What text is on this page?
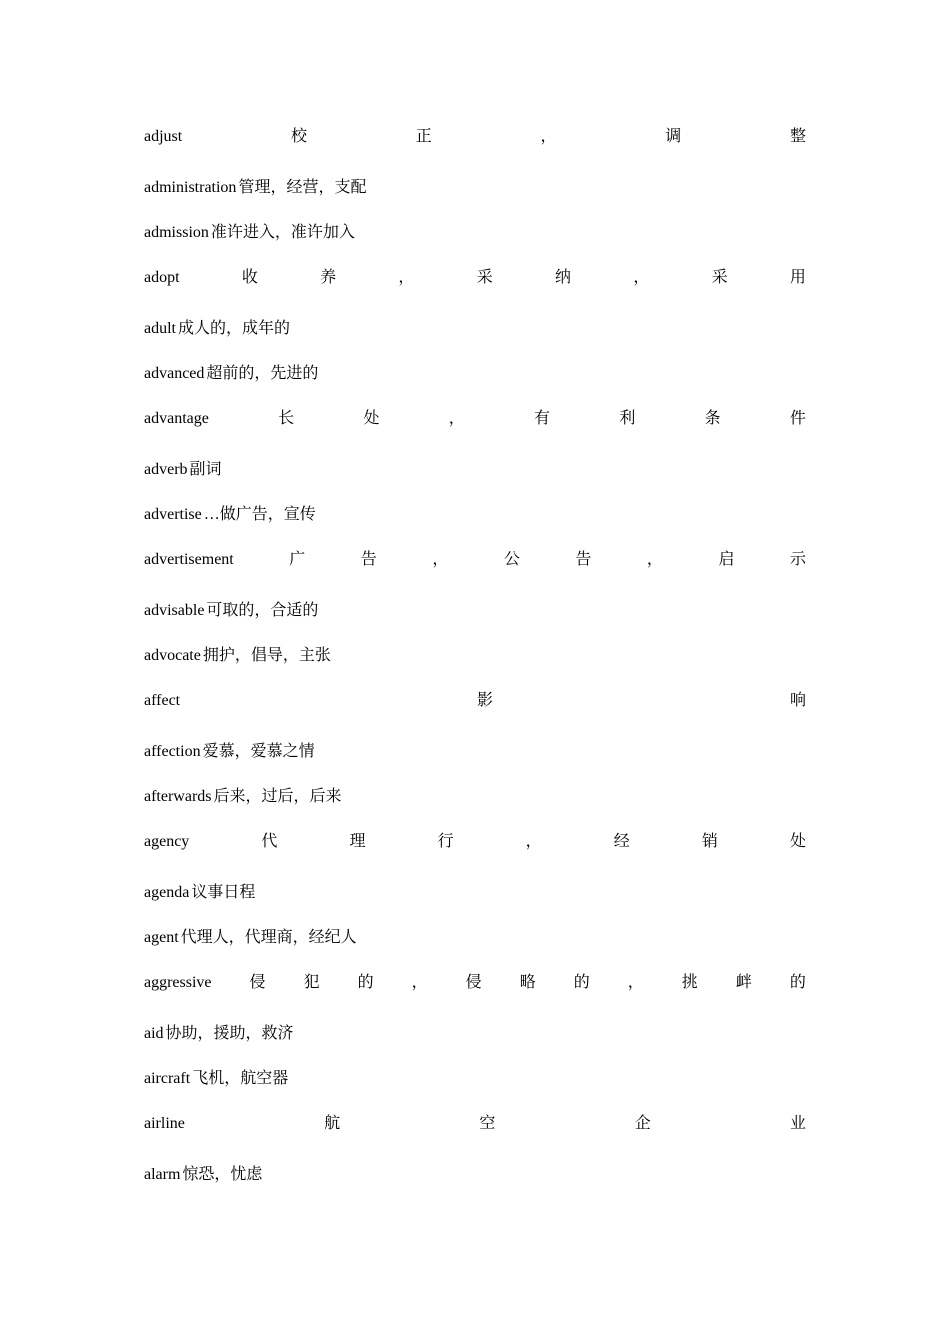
adjust	校	正	，	调	整
administration 管理，经营，支配
admission 准许进入，准许加入
adopt	收	养	，	采	纳	，	采	用
adult 成人的，成年的
advanced 超前的，先进的
advantage	长	处	，	有	利	条	件
adverb 副词
advertise …做广告，宣传
advertisement	广	告	，	公	告	，	启	示
advisable 可取的，合适的
advocate 拥护，倡导，主张
affect	影	响
affection 爱慕，爱慕之情
afterwards 后来，过后，后来
agency	代	理	行	，	经	销	处
agenda 议事日程
agent 代理人，代理商，经纪人
aggressive 侵 犯 的 ， 侵 略 的 ， 挑 衅 的
aid 协助，援助，救济
aircraft 飞机，航空器
airline	航	空	企	业
alarm 惊恐，忧虑
